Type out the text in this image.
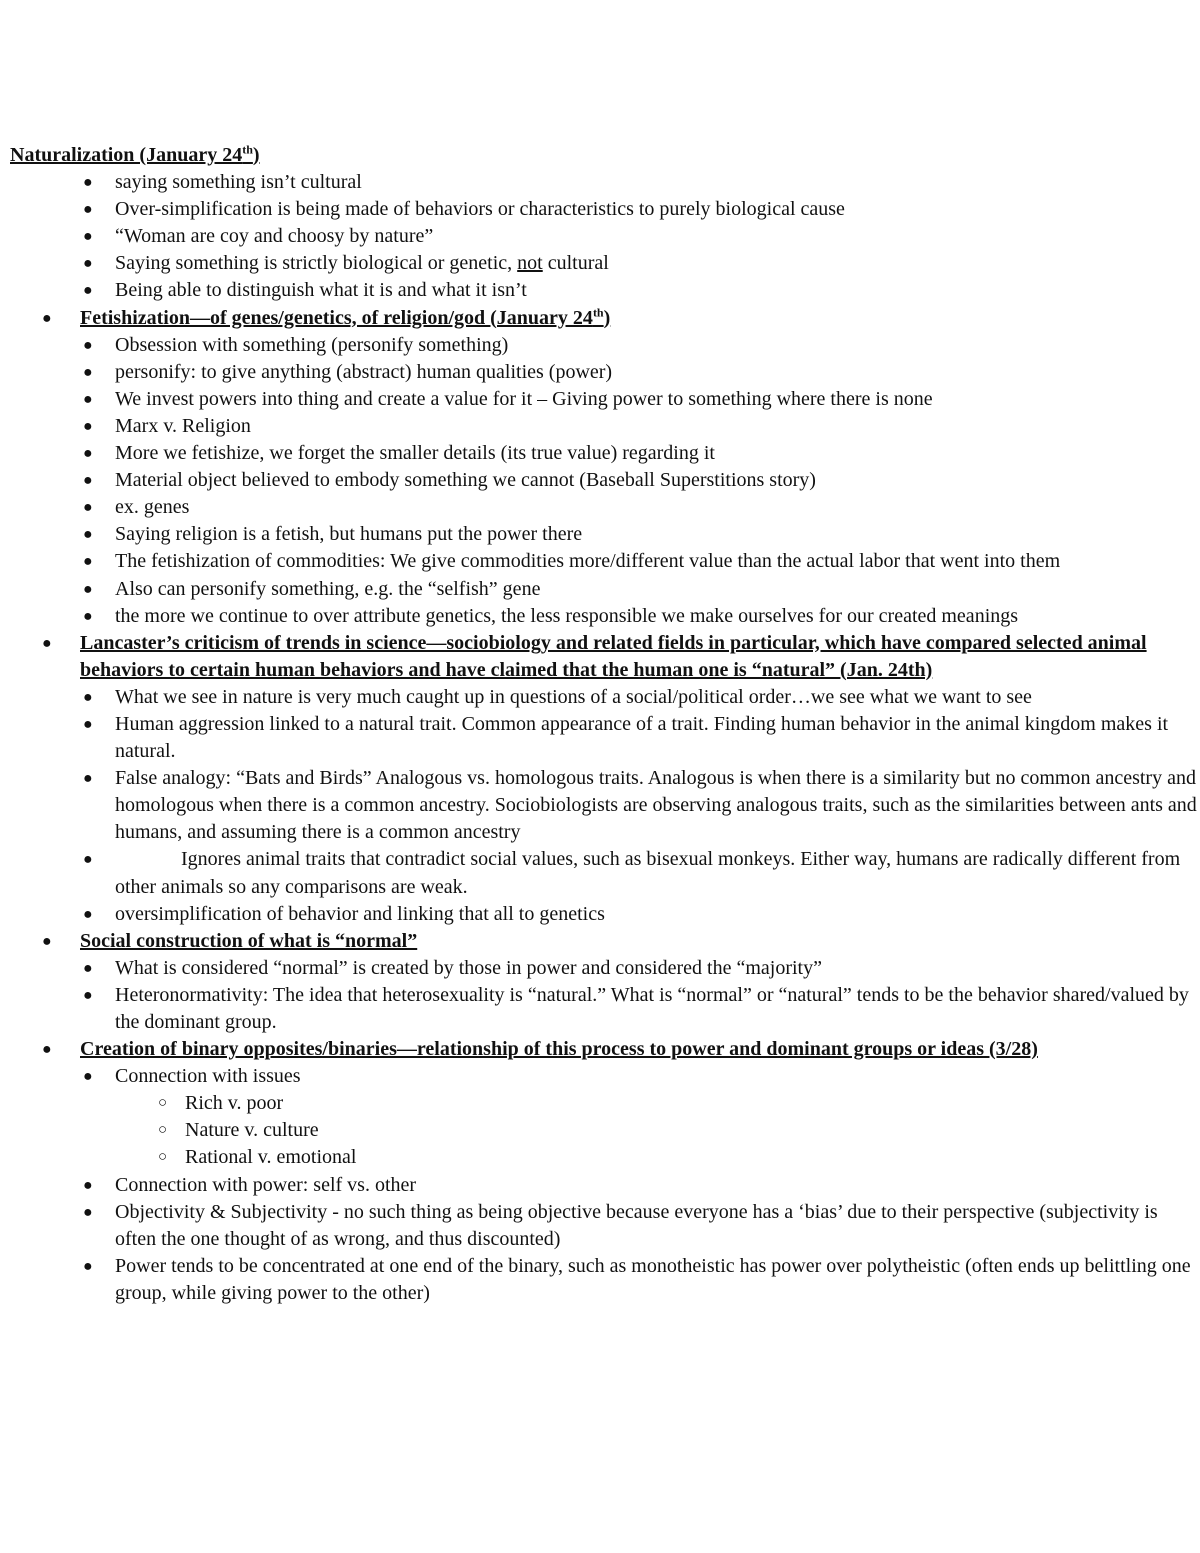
Naturalization (January 24th)
● saying something isn’t cultural
● Over-simplification is being made of behaviors or characteristics to purely biological cause
● “Woman are coy and choosy by nature”
● Saying something is strictly biological or genetic, not cultural
● Being able to distinguish what it is and what it isn’t
● Fetishization—of genes/genetics, of religion/god (January 24th)
● Obsession with something (personify something)
● personify: to give anything (abstract) human qualities (power)
● We invest powers into thing and create a value for it – Giving power to something where there is none
● Marx v. Religion
● More we fetishize, we forget the smaller details (its true value) regarding it
● Material object believed to embody something we cannot (Baseball Superstitions story)
● ex. genes
● Saying religion is a fetish, but humans put the power there
● The fetishization of commodities: We give commodities more/different value than the actual labor that went into them
● Also can personify something, e.g. the “selfish” gene
● the more we continue to over attribute genetics, the less responsible we make ourselves for our created meanings
● Lancaster’s criticism of trends in science—sociobiology and related fields in particular, which have compared selected animal behaviors to certain human behaviors and have claimed that the human one is “natural” (Jan. 24th)
● What we see in nature is very much caught up in questions of a social/political order…we see what we want to see
● Human aggression linked to a natural trait. Common appearance of a trait. Finding human behavior in the animal kingdom makes it natural.
● False analogy: “Bats and Birds” Analogous vs. homologous traits. Analogous is when there is a similarity but no common ancestry and homologous when there is a common ancestry. Sociobiologists are observing analogous traits, such as the similarities between ants and humans, and assuming there is a common ancestry
●	Ignores animal traits that contradict social values, such as bisexual monkeys. Either way, humans are radically different from other animals so any comparisons are weak.
● oversimplification of behavior and linking that all to genetics
● Social construction of what is “normal”
● What is considered “normal” is created by those in power and considered the “majority”
● Heteronormativity: The idea that heterosexuality is “natural.” What is “normal” or “natural” tends to be the behavior shared/valued by the dominant group.
● Creation of binary opposites/binaries—relationship of this process to power and dominant groups or ideas (3/28)
● Connection with issues
○ Rich v. poor
○ Nature v. culture
○ Rational v. emotional
● Connection with power: self vs. other
● Objectivity & Subjectivity - no such thing as being objective because everyone has a ‘bias’ due to their perspective (subjectivity is often the one thought of as wrong, and thus discounted)
● Power tends to be concentrated at one end of the binary, such as monotheistic has power over polytheistic (often ends up belittling one group, while giving power to the other)
